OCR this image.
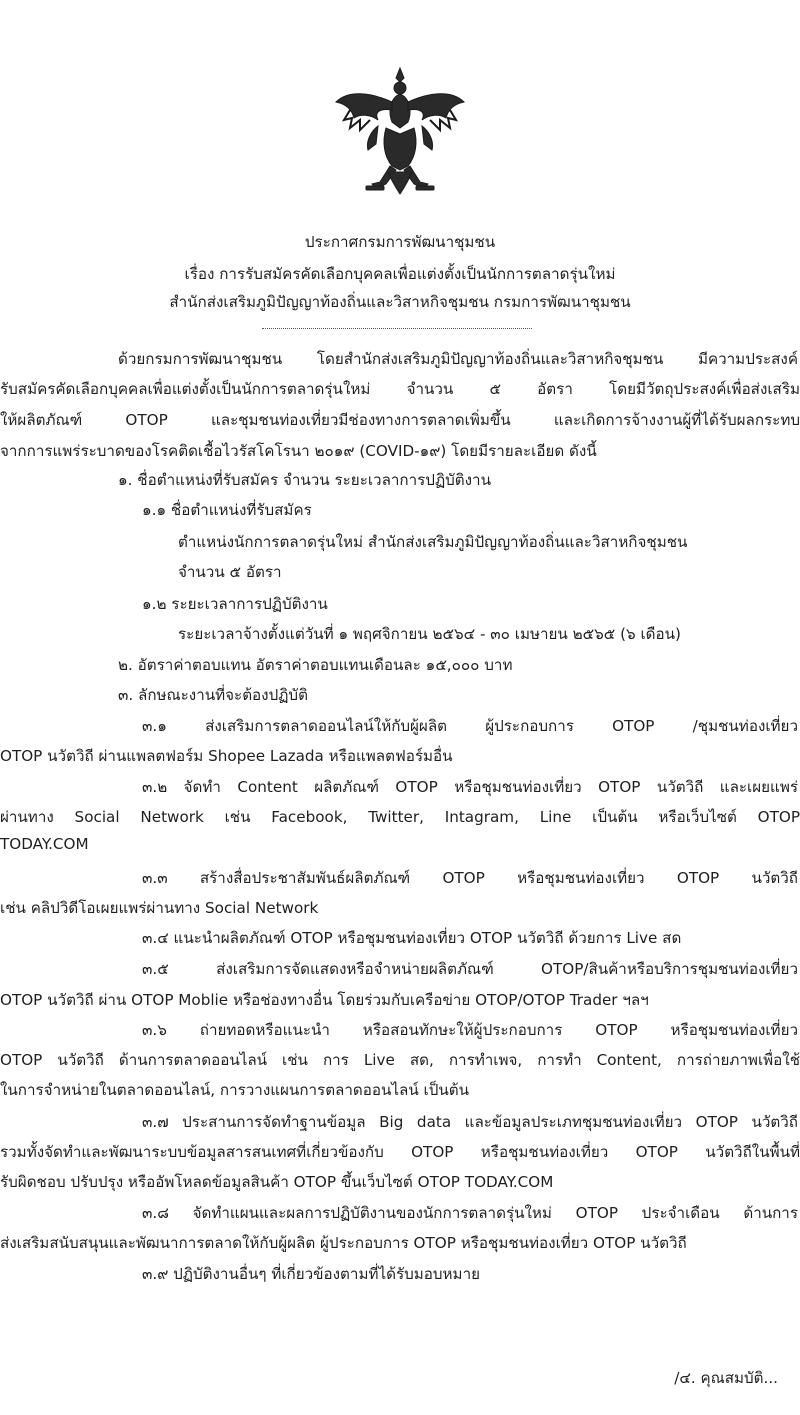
ประกาศกรมการพัฒนาชุมชน
เรื่อง การรับสมัครคัดเลือกบุคคลเพื่อแต่งตั้งเป็นนักการตลาดรุ่นใหม่
สำนักส่งเสริมภูมิปัญญาท้องถิ่นและวิสาหกิจชุมชน กรมการพัฒนาชุมชน
ด้วยกรมการพัฒนาชุมชน โดยสำนักส่งเสริมภูมิปัญญาท้องถิ่นและวิสาหกิจชุมชน มีความประสงค์
รับสมัครคัดเลือกบุคคลเพื่อแต่งตั้งเป็นนักการตลาดรุ่นใหม่ จำนวน ๕ อัตรา โดยมีวัตถุประสงค์เพื่อส่งเสริม
ให้ผลิตภัณฑ์ OTOP และชุมชนท่องเที่ยวมีช่องทางการตลาดเพิ่มขึ้น และเกิดการจ้างงานผู้ที่ได้รับผลกระทบ
จากการแพร่ระบาดของโรคติดเชื้อไวรัสโคโรนา ๒๐๑๙ (COVID-๑๙) โดยมีรายละเอียด ดังนี้
๑. ชื่อตำแหน่งที่รับสมัคร จำนวน ระยะเวลาการปฏิบัติงาน
๑.๑ ชื่อตำแหน่งที่รับสมัคร
ตำแหน่งนักการตลาดรุ่นใหม่ สำนักส่งเสริมภูมิปัญญาท้องถิ่นและวิสาหกิจชุมชน
จำนวน ๕ อัตรา
๑.๒ ระยะเวลาการปฏิบัติงาน
ระยะเวลาจ้างตั้งแต่วันที่ ๑ พฤศจิกายน ๒๕๖๔ - ๓๐ เมษายน ๒๕๖๕ (๖ เดือน)
๒. อัตราค่าตอบแทน อัตราค่าตอบแทนเดือนละ ๑๕,๐๐๐ บาท
๓. ลักษณะงานที่จะต้องปฏิบัติ
๓.๑ ส่งเสริมการตลาดออนไลน์ให้กับผู้ผลิต ผู้ประกอบการ OTOP /ชุมชนท่องเที่ยว
OTOP นวัตวิถี ผ่านแพลตฟอร์ม Shopee Lazada หรือแพลตฟอร์มอื่น
๓.๒ จัดทำ Content ผลิตภัณฑ์ OTOP หรือชุมชนท่องเที่ยว OTOP นวัตวิถี และเผยแพร่
ผ่านทาง Social Network เช่น Facebook, Twitter, Intagram, Line เป็นต้น หรือเว็บไซต์ OTOP
TODAY.COM
๓.๓ สร้างสื่อประชาสัมพันธ์ผลิตภัณฑ์ OTOP หรือชุมชนท่องเที่ยว OTOP นวัตวิถี
เช่น คลิปวิดีโอเผยแพร่ผ่านทาง Social Network
๓.๔ แนะนำผลิตภัณฑ์ OTOP หรือชุมชนท่องเที่ยว OTOP นวัตวิถี ด้วยการ Live สด
๓.๕ ส่งเสริมการจัดแสดงหรือจำหน่ายผลิตภัณฑ์ OTOP/สินค้าหรือบริการชุมชนท่องเที่ยว
OTOP นวัตวิถี ผ่าน OTOP Moblie หรือช่องทางอื่น โดยร่วมกับเครือข่าย OTOP/OTOP Trader ฯลฯ
๓.๖ ถ่ายทอดหรือแนะนำ หรือสอนทักษะให้ผู้ประกอบการ OTOP หรือชุมชนท่องเที่ยว
OTOP นวัตวิถี ด้านการตลาดออนไลน์ เช่น การ Live สด, การทำเพจ, การทำ Content, การถ่ายภาพเพื่อใช้
ในการจำหน่ายในตลาดออนไลน์, การวางแผนการตลาดออนไลน์ เป็นต้น
๓.๗ ประสานการจัดทำฐานข้อมูล Big data และข้อมูลประเภทชุมชนท่องเที่ยว OTOP นวัตวิถี
รวมทั้งจัดทำและพัฒนาระบบข้อมูลสารสนเทศที่เกี่ยวข้องกับ OTOP หรือชุมชนท่องเที่ยว OTOP นวัตวิถีในพื้นที่
รับผิดชอบ ปรับปรุง หรืออัพโหลดข้อมูลสินค้า OTOP ขึ้นเว็บไซต์ OTOP TODAY.COM
๓.๘ จัดทำแผนและผลการปฏิบัติงานของนักการตลาดรุ่นใหม่ OTOP ประจำเดือน ด้านการ
ส่งเสริมสนับสนุนและพัฒนาการตลาดให้กับผู้ผลิต ผู้ประกอบการ OTOP หรือชุมชนท่องเที่ยว OTOP นวัตวิถี
๓.๙ ปฏิบัติงานอื่นๆ ที่เกี่ยวข้องตามที่ได้รับมอบหมาย
/๔. คุณสมบัติ...
